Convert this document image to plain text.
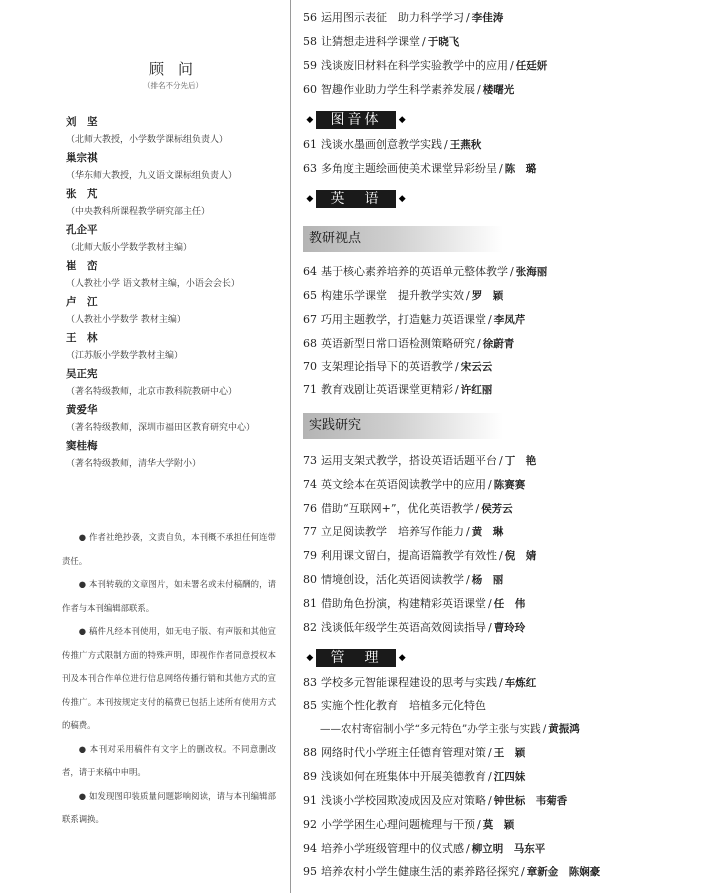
顾问
（排名不分先后）
刘　坚
（北师大教授，小学数学课标组负责人）
巢宗祺
（华东师大教授，九义语文课标组负责人）
张　芃
（中央教科所课程教学研究部主任）
孔企平
（北师大版小学数学教材主编）
崔　峦
（人教社小学 语文教材主编，小语会会长）
卢　江
（人教社小学数学 教材主编）
王　林
（江苏版小学数学教材主编）
吴正宪
（著名特级教师，北京市教科院教研中心）
黄爱华
（著名特级教师，深圳市福田区教育研究中心）
窦桂梅
（著名特级教师，清华大学附小）

● 作者社绝抄袭，文责自负，本刊概不承担任何连带责任。

● 本刊转载的文章图片，如未署名或未付稿酬的，请作者与本刊编辑部联系。

● 稿件凡经本刊使用，如无电子版、有声版和其他宣传推广方式限制方面的特殊声明，即视作作者同意授权本刊及本刊合作单位进行信息网络传播行销和其他方式的宣传推广。本刊按规定支付的稿费已包括上述所有使用方式的稿费。

● 本刊对采用稿件有文字上的删改权。不同意删改者，请于来稿中申明。

● 如发现图印装质量问题影响阅读，请与本刊编辑部联系调换。

56 运用图示表征　助力科学学习 / 李佳涛
58 让猜想走进科学课堂 / 于晓飞
59 浅谈废旧材料在科学实验教学中的应用 / 任廷妍
60 智趣作业助力学生科学素养发展 / 楼曙光
◆	图音体	◆
61 浅谈水墨画创意教学实践 / 王燕秋
63 多角度主题绘画使美术课堂异彩纷呈 / 陈　璐
◆	英　语	◆
教研视点
64 基于核心素养培养的英语单元整体教学 / 张海丽
65 构建乐学课堂　提升教学实效 / 罗　颖
67 巧用主题教学，打造魅力英语课堂 / 李凤芹
68 英语新型日常口语检测策略研究 / 徐蔚青
70 支架理论指导下的英语教学 / 宋云云
71 教育戏剧让英语课堂更精彩 / 许红丽
实践研究
73 运用支架式教学，搭设英语话题平台 / 丁　艳
74 英文绘本在英语阅读教学中的应用 / 陈赛赛
76 借助“互联网+”，优化英语教学 / 侯芳云
77 立足阅读教学　培养写作能力 / 黄　琳
79 利用课文留白，提高语篇教学有效性 / 倪　婧
80 情境创设，活化英语阅读教学 / 杨　丽
81 借助角色扮演，构建精彩英语课堂 / 任　伟
82 浅谈低年级学生英语高效阅读指导 / 曹玲玲
◆	管　理	◆
83 学校多元智能课程建设的思考与实践 / 车炼红
85 实施个性化教育　培植多元化特色
——农村寄宿制小学“多元特色”办学主张与实践 / 黄振鸿
88 网络时代小学班主任德育管理对策 / 王　颖
89 浅谈如何在班集体中开展美德教育 / 江四妹
91 浅谈小学校园欺凌成因及应对策略 / 钟世标　韦菊香
92 小学学困生心理问题梳理与干预 / 莫　颖
94 培养小学班级管理中的仪式感 / 柳立明　马东平
95 培养农村小学生健康生活的素养路径探究 / 章新金　陈娴豪
